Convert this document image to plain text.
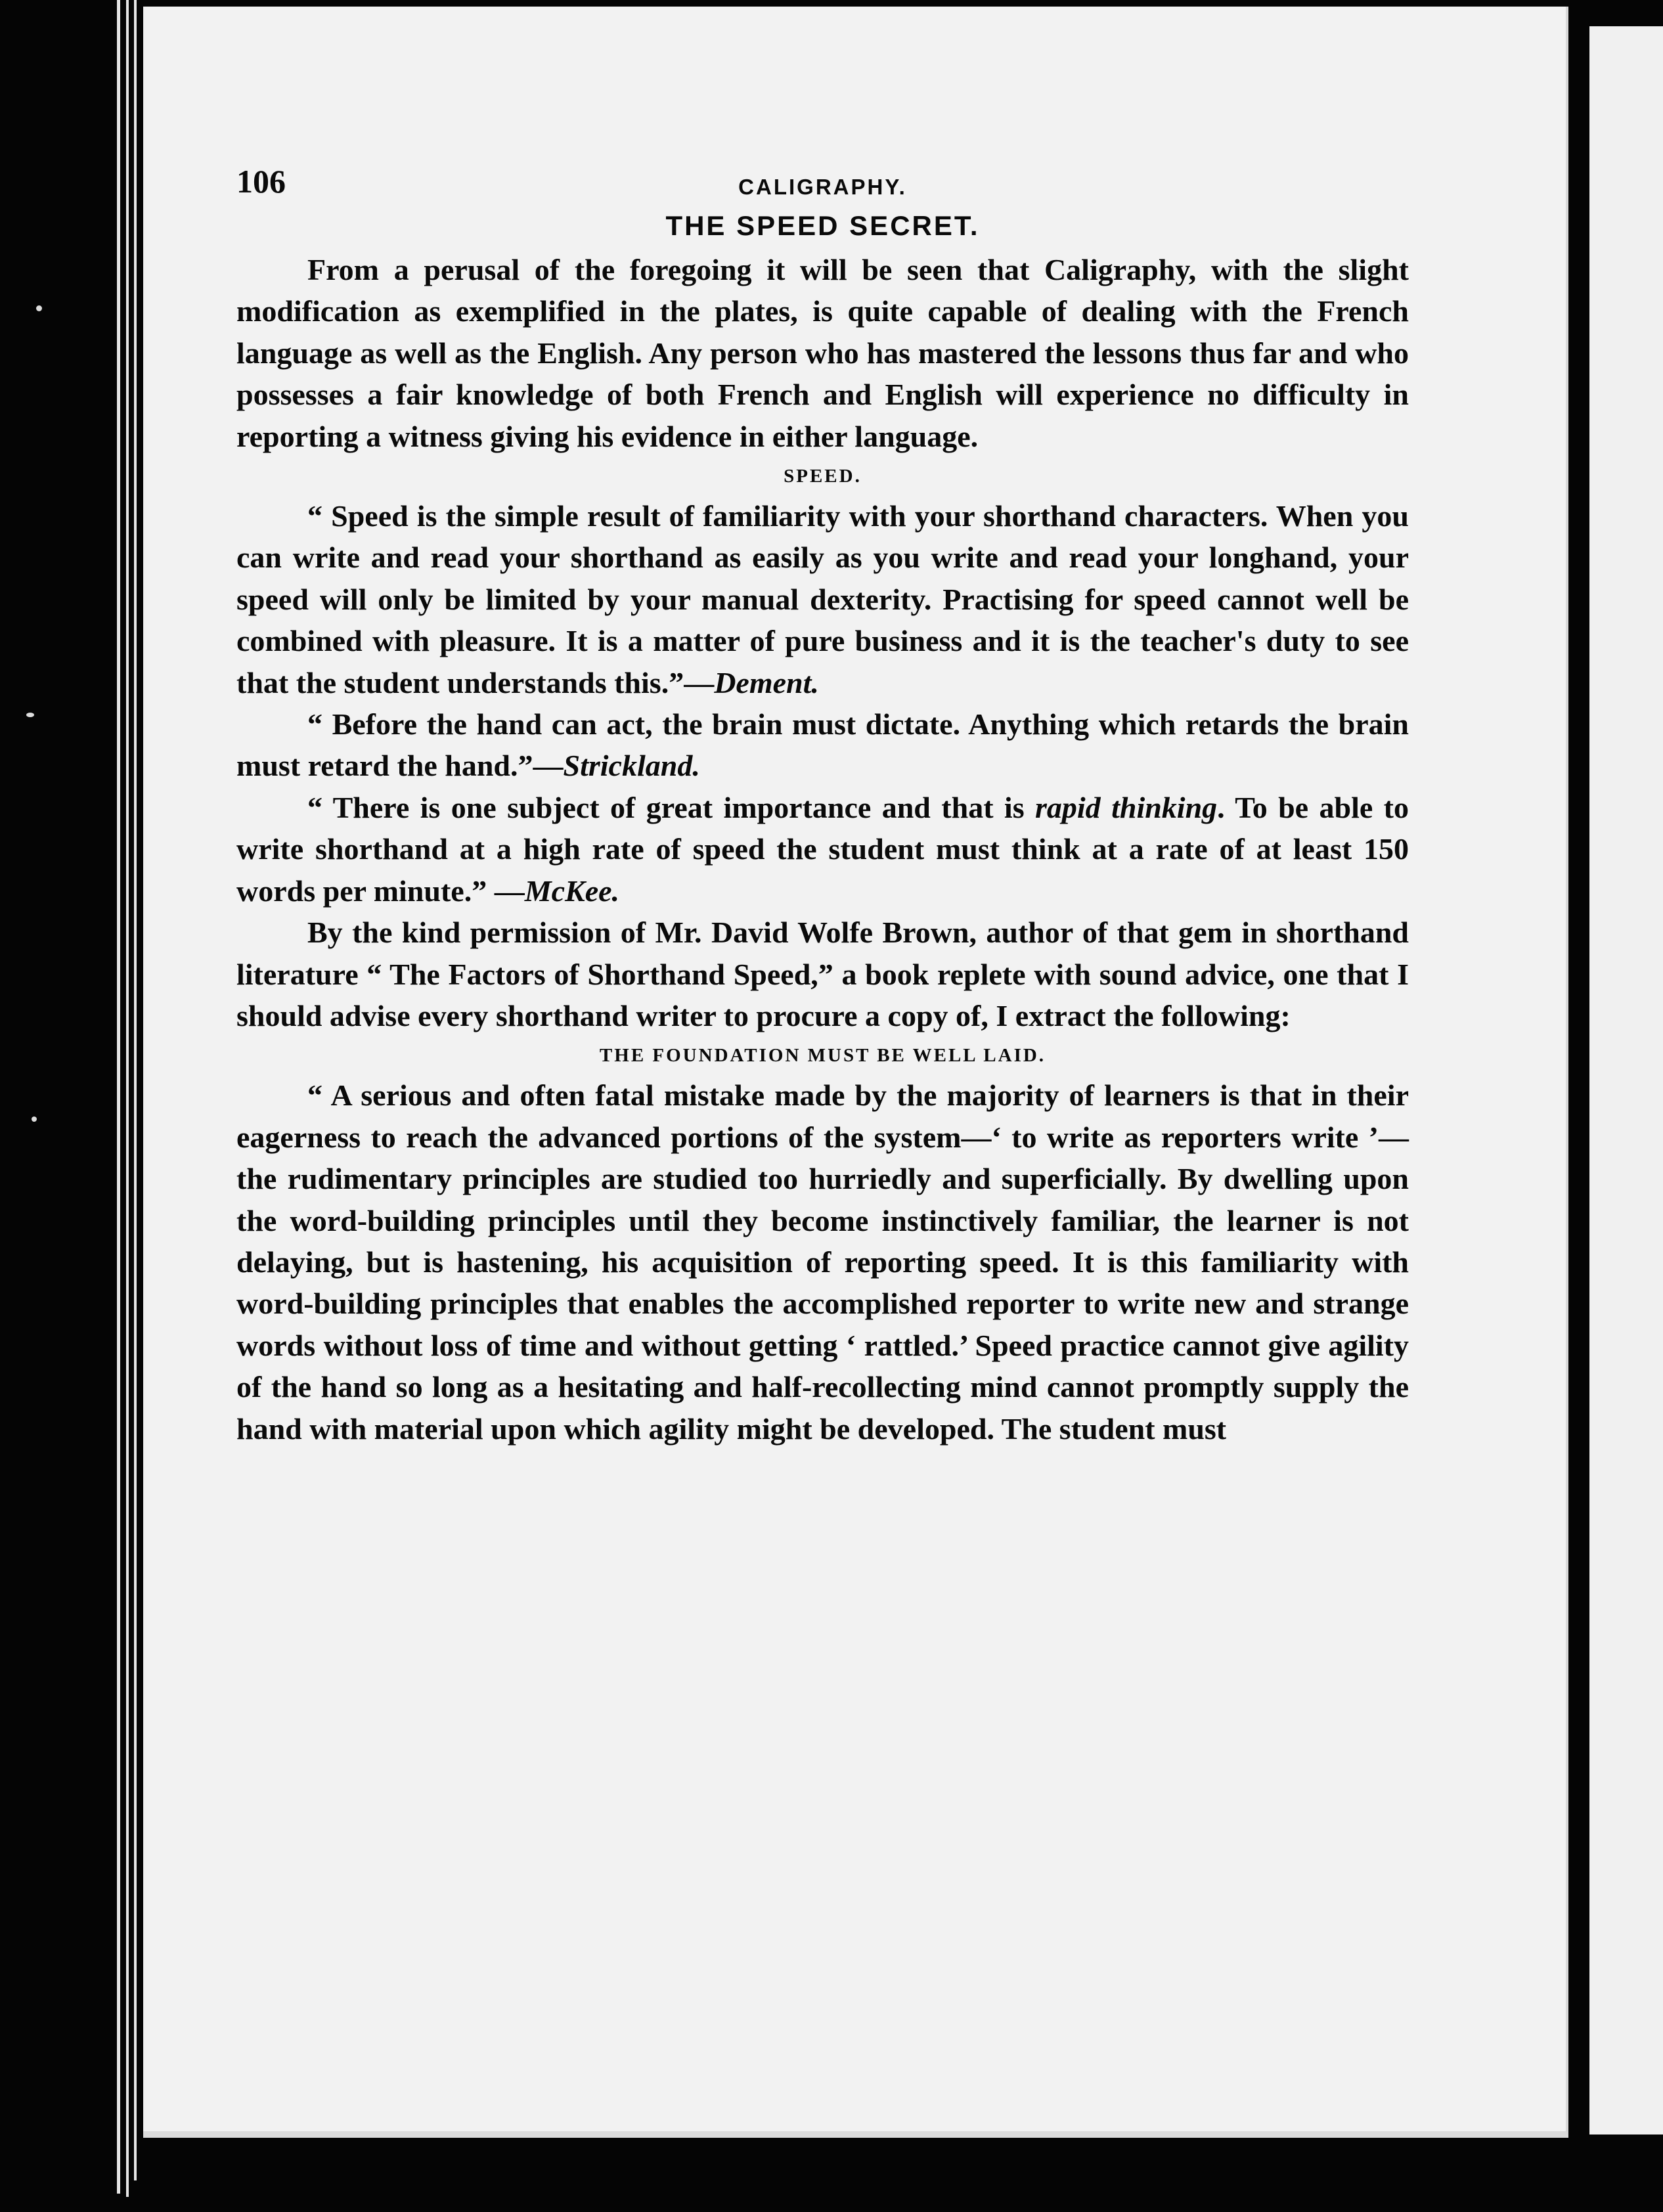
106	CALIGRAPHY.
THE SPEED SECRET.

From a perusal of the foregoing it will be seen that Caligraphy, with the slight modification as exemplified in the plates, is quite capable of dealing with the French language as well as the English. Any person who has mastered the lessons thus far and who possesses a fair knowledge of both French and English will experience no difficulty in reporting a witness giving his evidence in either language.

SPEED.

“ Speed is the simple result of familiarity with your shorthand characters. When you can write and read your shorthand as easily as you write and read your longhand, your speed will only be limited by your manual dexterity. Practising for speed cannot well be combined with pleasure. It is a matter of pure business and it is the teacher's duty to see that the student understands this.”—Dement.

“ Before the hand can act, the brain must dictate. Anything which retards the brain must retard the hand.”—Strickland.

“ There is one subject of great importance and that is rapid thinking. To be able to write shorthand at a high rate of speed the student must think at a rate of at least 150 words per minute.” —McKee.

By the kind permission of Mr. David Wolfe Brown, author of that gem in shorthand literature “ The Factors of Shorthand Speed,” a book replete with sound advice, one that I should advise every shorthand writer to procure a copy of, I extract the following:

THE FOUNDATION MUST BE WELL LAID.

“ A serious and often fatal mistake made by the majority of learners is that in their eagerness to reach the advanced portions of the system—‘ to write as reporters write ’—the rudimentary principles are studied too hurriedly and superficially. By dwelling upon the word-building principles until they become instinctively familiar, the learner is not delaying, but is hastening, his acquisition of reporting speed. It is this familiarity with word-building principles that enables the accomplished reporter to write new and strange words without loss of time and without getting ‘ rattled.’ Speed practice cannot give agility of the hand so long as a hesitating and half-recollecting mind cannot promptly supply the hand with material upon which agility might be developed. The student must
